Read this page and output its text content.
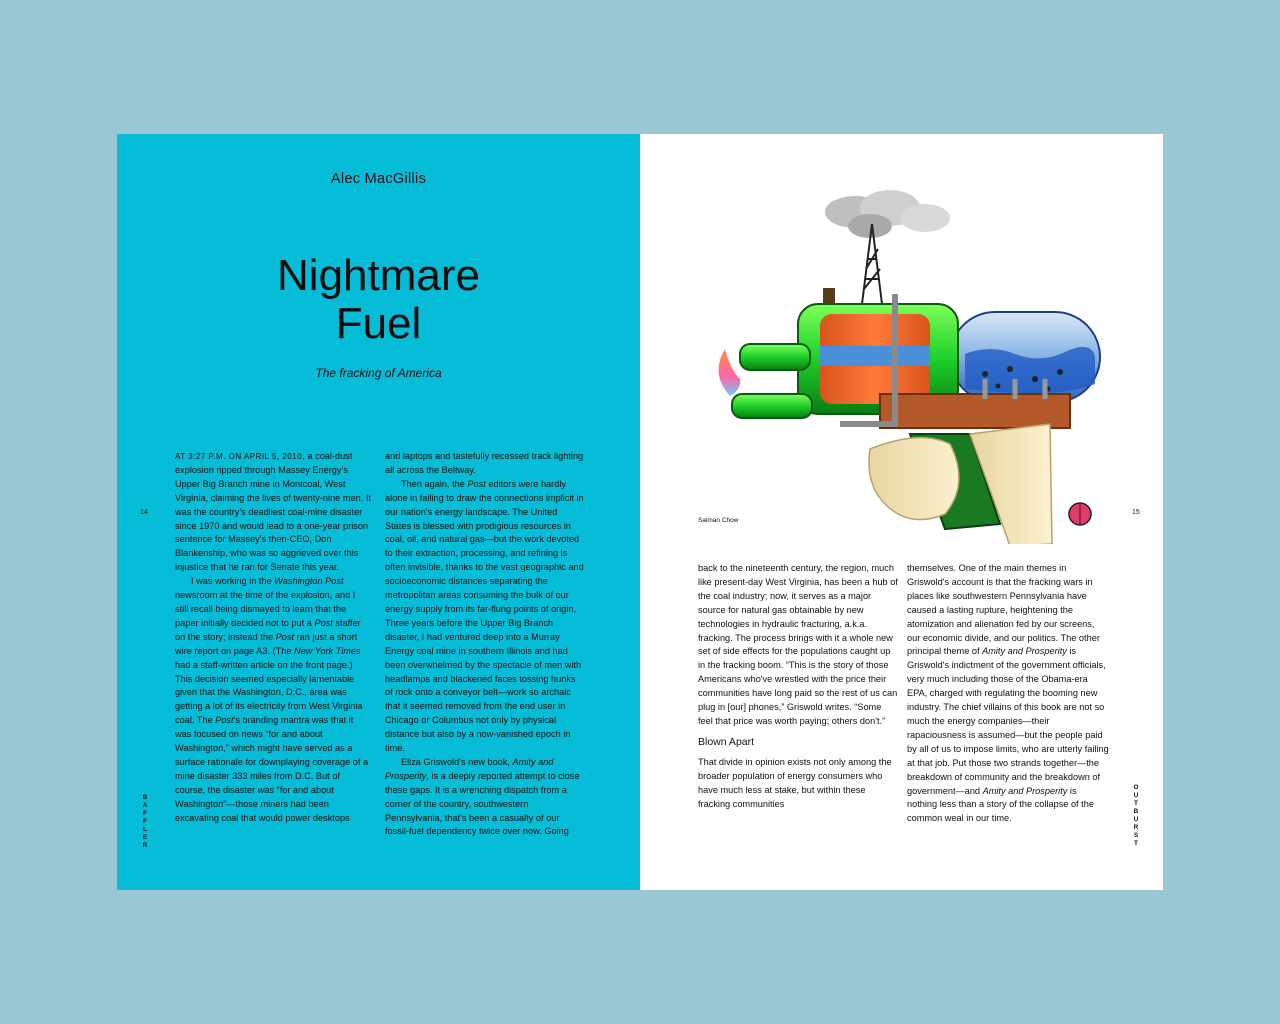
Alec MacGillis
Nightmare
Fuel
The fracking of America
14
B
A
F
F
L
E
R

AT 3:27 P.M. ON APRIL 5, 2010, a coal-dust explosion ripped through Massey Energy's Upper Big Branch mine in Montcoal, West Virginia, claiming the lives of twenty-nine men. It was the country's deadliest coal-mine disaster since 1970 and would lead to a one-year prison sentence for Massey's then-CEO, Don Blankenship, who was so aggrieved over this injustice that he ran for Senate this year.

I was working in the Washington Post newsroom at the time of the explosion, and I still recall being dismayed to learn that the paper initially decided not to put a Post staffer on the story; instead the Post ran just a short wire report on page A3. (The New York Times had a staff-written article on the front page.) This decision seemed especially lamentable given that the Washington, D.C., area was getting a lot of its electricity from West Virginia coal. The Post's branding mantra was that it was focused on news “for and about Washington,” which might have served as a surface rationale for downplaying coverage of a mine disaster 333 miles from D.C. But of course, the disaster was “for and about Washington”—those miners had been excavating coal that would power desktops

and laptops and tastefully recessed track lighting all across the Beltway.

Then again, the Post editors were hardly alone in failing to draw the connections implicit in our nation's energy landscape. The United States is blessed with prodigious resources in coal, oil, and natural gas—but the work devoted to their extraction, processing, and refining is often invisible, thanks to the vast geographic and socioeconomic distances separating the metropolitan areas consuming the bulk of our energy supply from its far-flung points of origin. Three years before the Upper Big Branch disaster, I had ventured deep into a Murray Energy coal mine in southern Illinois and had been overwhelmed by the spectacle of men with headlamps and blackened faces tossing hunks of rock onto a conveyor belt—work so archaic that it seemed removed from the end user in Chicago or Columbus not only by physical distance but also by a now-vanished epoch in time.

Eliza Griswold's new book, Amity and Prosperity, is a deeply reported attempt to close these gaps. It is a wrenching dispatch from a corner of the country, southwestern Pennsylvania, that's been a casualty of our fossil-fuel dependency twice over now. Going

Saiman Chow
15
O
U
T
B
U
R
S
T

back to the nineteenth century, the region, much like present-day West Virginia, has been a hub of the coal industry; now, it serves as a major source for natural gas obtainable by new technologies in hydraulic fracturing, a.k.a. fracking. The process brings with it a whole new set of side effects for the populations caught up in the fracking boom. “This is the story of those Americans who've wrestled with the price their communities have long paid so the rest of us can plug in [our] phones,” Griswold writes. “Some feel that price was worth paying; others don't.”

Blown Apart

That divide in opinion exists not only among the broader population of energy consumers who have much less at stake, but within these fracking communities

themselves. One of the main themes in Griswold's account is that the fracking wars in places like southwestern Pennsylvania have caused a lasting rupture, heightening the atomization and alienation fed by our screens, our economic divide, and our politics. The other principal theme of Amity and Prosperity is Griswold's indictment of the government officials, very much including those of the Obama-era EPA, charged with regulating the booming new industry. The chief villains of this book are not so much the energy companies—their rapaciousness is assumed—but the people paid by all of us to impose limits, who are utterly failing at that job. Put those two strands together—the breakdown of community and the breakdown of government—and Amity and Prosperity is nothing less than a story of the collapse of the common weal in our time.
